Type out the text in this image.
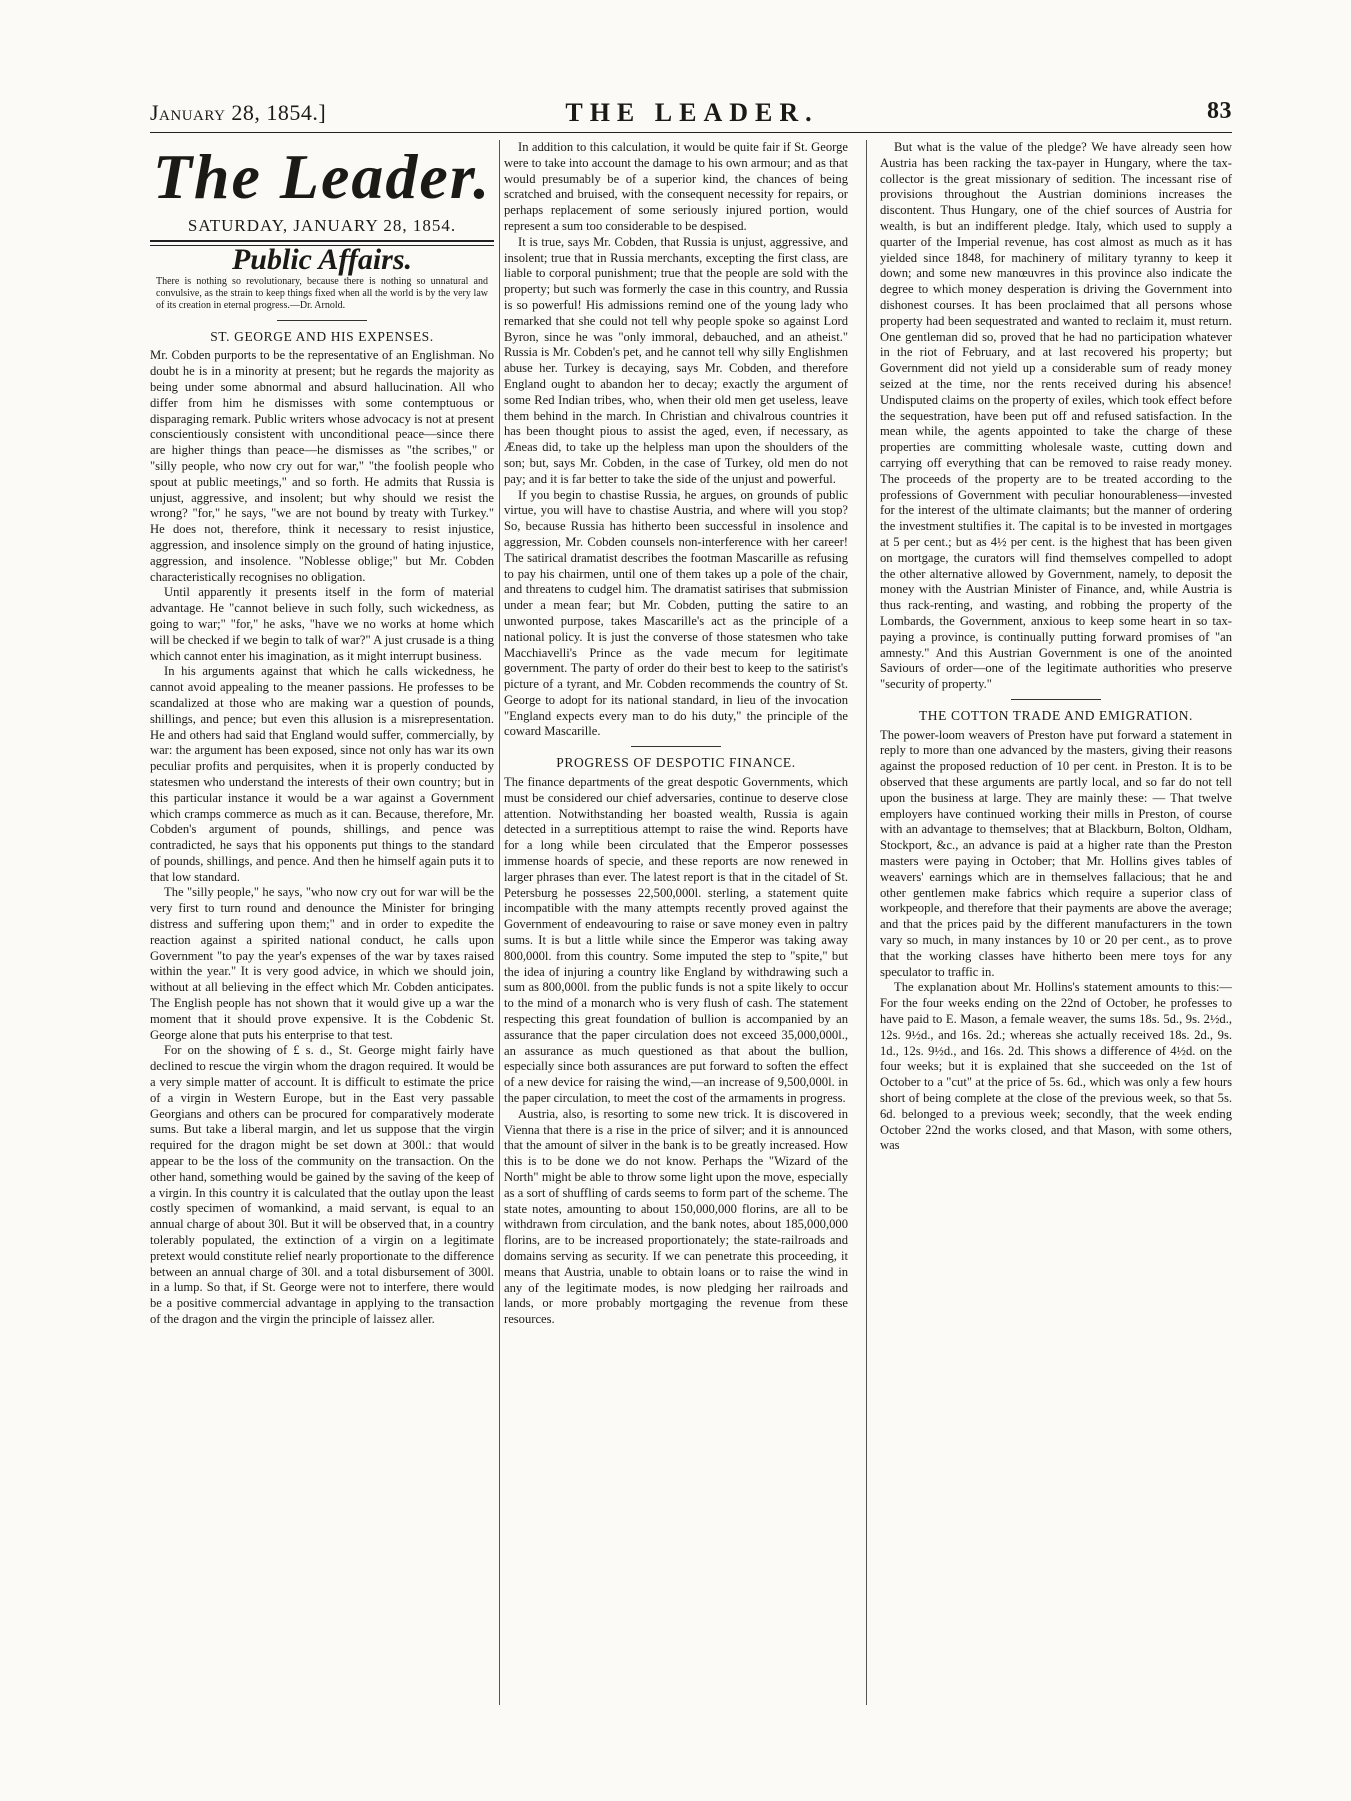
January 28, 1854.]	THE LEADER.	83
The Leader.
SATURDAY, JANUARY 28, 1854.
Public Affairs.
There is nothing so revolutionary, because there is nothing so unnatural and convulsive, as the strain to keep things fixed when all the world is by the very law of its creation in eternal progress.—Dr. Arnold.
ST. GEORGE AND HIS EXPENSES.

Mr. Cobden purports to be the representative of an Englishman. No doubt he is in a minority at present; but he regards the majority as being under some abnormal and absurd hallucination. All who differ from him he dismisses with some contemptuous or disparaging remark. Public writers whose advocacy is not at present conscientiously consistent with unconditional peace—since there are higher things than peace—he dismisses as "the scribes," or "silly people, who now cry out for war," "the foolish people who spout at public meetings," and so forth. He admits that Russia is unjust, aggressive, and insolent; but why should we resist the wrong? "for," he says, "we are not bound by treaty with Turkey." He does not, therefore, think it necessary to resist injustice, aggression, and insolence simply on the ground of hating injustice, aggression, and insolence. "Noblesse oblige;" but Mr. Cobden characteristically recognises no obligation.

Until apparently it presents itself in the form of material advantage. He "cannot believe in such folly, such wickedness, as going to war;" "for," he asks, "have we no works at home which will be checked if we begin to talk of war?" A just crusade is a thing which cannot enter his imagination, as it might interrupt business.

In his arguments against that which he calls wickedness, he cannot avoid appealing to the meaner passions. He professes to be scandalized at those who are making war a question of pounds, shillings, and pence; but even this allusion is a misrepresentation. He and others had said that England would suffer, commercially, by war: the argument has been exposed, since not only has war its own peculiar profits and perquisites, when it is properly conducted by statesmen who understand the interests of their own country; but in this particular instance it would be a war against a Government which cramps commerce as much as it can. Because, therefore, Mr. Cobden's argument of pounds, shillings, and pence was contradicted, he says that his opponents put things to the standard of pounds, shillings, and pence. And then he himself again puts it to that low standard.

The "silly people," he says, "who now cry out for war will be the very first to turn round and denounce the Minister for bringing distress and suffering upon them;" and in order to expedite the reaction against a spirited national conduct, he calls upon Government "to pay the year's expenses of the war by taxes raised within the year." It is very good advice, in which we should join, without at all believing in the effect which Mr. Cobden anticipates. The English people has not shown that it would give up a war the moment that it should prove expensive. It is the Cobdenic St. George alone that puts his enterprise to that test.

For on the showing of £ s. d., St. George might fairly have declined to rescue the virgin whom the dragon required. It would be a very simple matter of account. It is difficult to estimate the price of a virgin in Western Europe, but in the East very passable Georgians and others can be procured for comparatively moderate sums. But take a liberal margin, and let us suppose that the virgin required for the dragon might be set down at 300l.: that would appear to be the loss of the community on the transaction. On the other hand, something would be gained by the saving of the keep of a virgin. In this country it is calculated that the outlay upon the least costly specimen of womankind, a maid servant, is equal to an annual charge of about 30l. But it will be observed that, in a country tolerably populated, the extinction of a virgin on a legitimate pretext would constitute relief nearly proportionate to the difference between an annual charge of 30l. and a total disbursement of 300l. in a lump. So that, if St. George were not to interfere, there would be a positive commercial advantage in applying to the transaction of the dragon and the virgin the principle of laissez aller.

In addition to this calculation, it would be quite fair if St. George were to take into account the damage to his own armour; and as that would presumably be of a superior kind, the chances of being scratched and bruised, with the consequent necessity for repairs, or perhaps replacement of some seriously injured portion, would represent a sum too considerable to be despised.

It is true, says Mr. Cobden, that Russia is unjust, aggressive, and insolent; true that in Russia merchants, excepting the first class, are liable to corporal punishment; true that the people are sold with the property; but such was formerly the case in this country, and Russia is so powerful! His admissions remind one of the young lady who remarked that she could not tell why people spoke so against Lord Byron, since he was "only immoral, debauched, and an atheist." Russia is Mr. Cobden's pet, and he cannot tell why silly Englishmen abuse her. Turkey is decaying, says Mr. Cobden, and therefore England ought to abandon her to decay; exactly the argument of some Red Indian tribes, who, when their old men get useless, leave them behind in the march. In Christian and chivalrous countries it has been thought pious to assist the aged, even, if necessary, as Æneas did, to take up the helpless man upon the shoulders of the son; but, says Mr. Cobden, in the case of Turkey, old men do not pay; and it is far better to take the side of the unjust and powerful.

If you begin to chastise Russia, he argues, on grounds of public virtue, you will have to chastise Austria, and where will you stop? So, because Russia has hitherto been successful in insolence and aggression, Mr. Cobden counsels non-interference with her career! The satirical dramatist describes the footman Mascarille as refusing to pay his chairmen, until one of them takes up a pole of the chair, and threatens to cudgel him. The dramatist satirises that submission under a mean fear; but Mr. Cobden, putting the satire to an unwonted purpose, takes Mascarille's act as the principle of a national policy. It is just the converse of those statesmen who take Macchiavelli's Prince as the vade mecum for legitimate government. The party of order do their best to keep to the satirist's picture of a tyrant, and Mr. Cobden recommends the country of St. George to adopt for its national standard, in lieu of the invocation "England expects every man to do his duty," the principle of the coward Mascarille.

PROGRESS OF DESPOTIC FINANCE.

The finance departments of the great despotic Governments, which must be considered our chief adversaries, continue to deserve close attention. Notwithstanding her boasted wealth, Russia is again detected in a surreptitious attempt to raise the wind. Reports have for a long while been circulated that the Emperor possesses immense hoards of specie, and these reports are now renewed in larger phrases than ever. The latest report is that in the citadel of St. Petersburg he possesses 22,500,000l. sterling, a statement quite incompatible with the many attempts recently proved against the Government of endeavouring to raise or save money even in paltry sums. It is but a little while since the Emperor was taking away 800,000l. from this country. Some imputed the step to "spite," but the idea of injuring a country like England by withdrawing such a sum as 800,000l. from the public funds is not a spite likely to occur to the mind of a monarch who is very flush of cash. The statement respecting this great foundation of bullion is accompanied by an assurance that the paper circulation does not exceed 35,000,000l., an assurance as much questioned as that about the bullion, especially since both assurances are put forward to soften the effect of a new device for raising the wind,—an increase of 9,500,000l. in the paper circulation, to meet the cost of the armaments in progress.

Austria, also, is resorting to some new trick. It is discovered in Vienna that there is a rise in the price of silver; and it is announced that the amount of silver in the bank is to be greatly increased. How this is to be done we do not know. Perhaps the "Wizard of the North" might be able to throw some light upon the move, especially as a sort of shuffling of cards seems to form part of the scheme. The state notes, amounting to about 150,000,000 florins, are all to be withdrawn from circulation, and the bank notes, about 185,000,000 florins, are to be increased proportionately; the state-railroads and domains serving as security. If we can penetrate this proceeding, it means that Austria, unable to obtain loans or to raise the wind in any of the legitimate modes, is now pledging her railroads and lands, or more probably mortgaging the revenue from these resources.

But what is the value of the pledge? We have already seen how Austria has been racking the tax-payer in Hungary, where the tax-collector is the great missionary of sedition. The incessant rise of provisions throughout the Austrian dominions increases the discontent. Thus Hungary, one of the chief sources of Austria for wealth, is but an indifferent pledge. Italy, which used to supply a quarter of the Imperial revenue, has cost almost as much as it has yielded since 1848, for machinery of military tyranny to keep it down; and some new manœuvres in this province also indicate the degree to which money desperation is driving the Government into dishonest courses. It has been proclaimed that all persons whose property had been sequestrated and wanted to reclaim it, must return. One gentleman did so, proved that he had no participation whatever in the riot of February, and at last recovered his property; but Government did not yield up a considerable sum of ready money seized at the time, nor the rents received during his absence! Undisputed claims on the property of exiles, which took effect before the sequestration, have been put off and refused satisfaction. In the mean while, the agents appointed to take the charge of these properties are committing wholesale waste, cutting down and carrying off everything that can be removed to raise ready money. The proceeds of the property are to be treated according to the professions of Government with peculiar honourableness—invested for the interest of the ultimate claimants; but the manner of ordering the investment stultifies it. The capital is to be invested in mortgages at 5 per cent.; but as 4½ per cent. is the highest that has been given on mortgage, the curators will find themselves compelled to adopt the other alternative allowed by Government, namely, to deposit the money with the Austrian Minister of Finance, and, while Austria is thus rack-renting, and wasting, and robbing the property of the Lombards, the Government, anxious to keep some heart in so tax-paying a province, is continually putting forward promises of "an amnesty." And this Austrian Government is one of the anointed Saviours of order—one of the legitimate authorities who preserve "security of property."

THE COTTON TRADE AND EMIGRATION.

The power-loom weavers of Preston have put forward a statement in reply to more than one advanced by the masters, giving their reasons against the proposed reduction of 10 per cent. in Preston. It is to be observed that these arguments are partly local, and so far do not tell upon the business at large. They are mainly these: — That twelve employers have continued working their mills in Preston, of course with an advantage to themselves; that at Blackburn, Bolton, Oldham, Stockport, &c., an advance is paid at a higher rate than the Preston masters were paying in October; that Mr. Hollins gives tables of weavers' earnings which are in themselves fallacious; that he and other gentlemen make fabrics which require a superior class of workpeople, and therefore that their payments are above the average; and that the prices paid by the different manufacturers in the town vary so much, in many instances by 10 or 20 per cent., as to prove that the working classes have hitherto been mere toys for any speculator to traffic in.

The explanation about Mr. Hollins's statement amounts to this:—For the four weeks ending on the 22nd of October, he professes to have paid to E. Mason, a female weaver, the sums 18s. 5d., 9s. 2½d., 12s. 9½d., and 16s. 2d.; whereas she actually received 18s. 2d., 9s. 1d., 12s. 9½d., and 16s. 2d. This shows a difference of 4½d. on the four weeks; but it is explained that she succeeded on the 1st of October to a "cut" at the price of 5s. 6d., which was only a few hours short of being complete at the close of the previous week, so that 5s. 6d. belonged to a previous week; secondly, that the week ending October 22nd the works closed, and that Mason, with some others, was
